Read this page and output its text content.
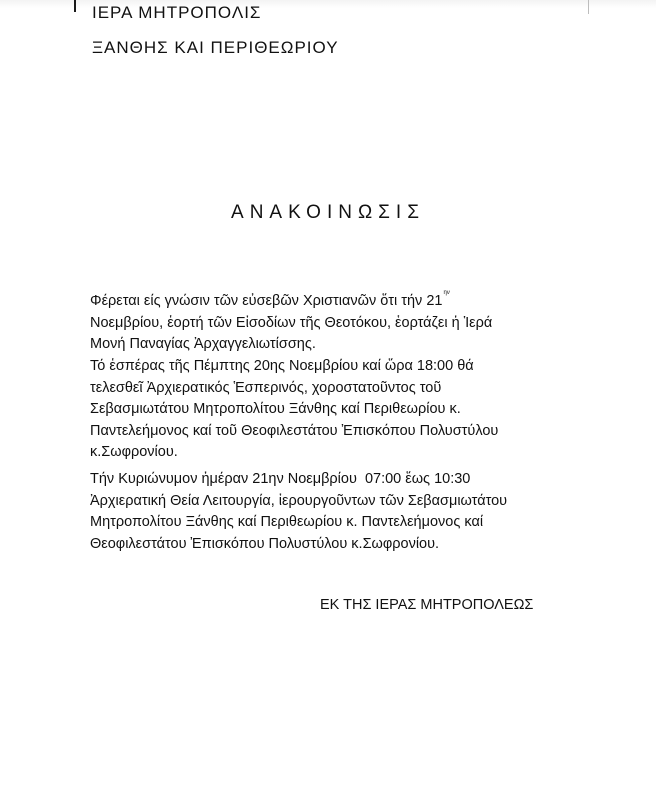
ΙΕΡΑ ΜΗΤΡΟΠΟΛΙΣ

ΞΑΝΘΗΣ ΚΑΙ ΠΕΡΙΘΕΩΡΙΟΥ

ΑΝΑΚΟΙΝΩΣΙΣ

Φέρεται είς γνώσιν τῶν εὐσεβῶν Χριστιανῶν ὅτι τήν $21^{\eta\nu}$
Νοεμβρίου, ἑορτή τῶν Εἰσοδίων τῆς Θεοτόκου, ἑορτάζει ἡ Ἱερά
Μονή Παναγίας Ἀρχαγγελιωτίσσης.

Τό ἑσπέρας τῆς Πέμπτης 20ης Νοεμβρίου καί ὥρα 18:00 θά
τελεσθεῖ Ἀρχιερατικός Ἑσπερινός, χοροστατοῦντος τοῦ
Σεβασμιωτάτου Μητροπολίτου Ξάνθης καί Περιθεωρίου κ.
Παντελεήμονος καί τοῦ Θεοφιλεστάτου Ἐπισκόπου Πολυστύλου
κ.Σωφρονίου.

Τήν Κυριώνυμον ἡμέραν 21ην Νοεμβρίου  07:00 ἕως 10:30
Ἀρχιερατική Θεία Λειτουργία, ἱερουργοῦντων τῶν Σεβασμιωτάτου
Μητροπολίτου Ξάνθης καί Περιθεωρίου κ. Παντελεήμονος καί
Θεοφιλεστάτου Ἐπισκόπου Πολυστύλου κ.Σωφρονίου.

ΕΚ ΤΗΣ ΙΕΡΑΣ ΜΗΤΡΟΠΟΛΕΩΣ
